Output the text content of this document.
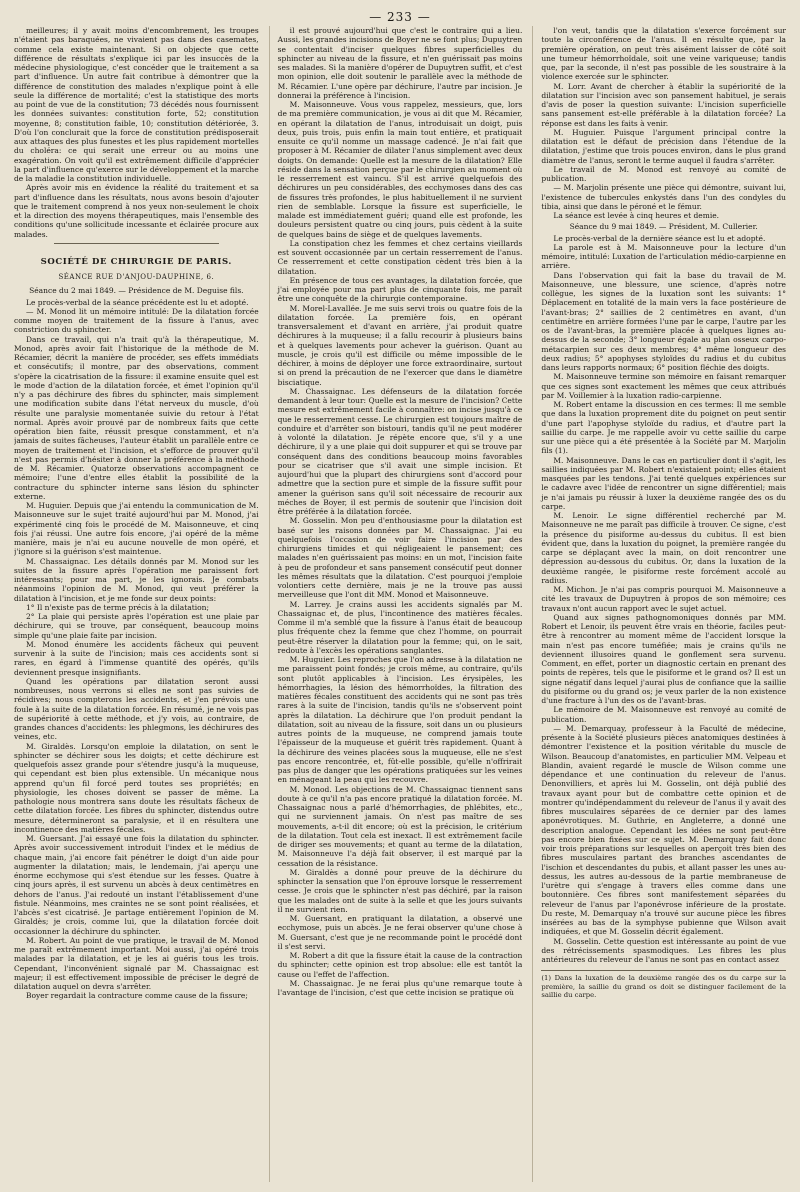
— 233 —

meilleures; il y avait moins d'encombrement, les troupes n'étaient pas baraquées, ne vivaient pas dans des casemates, comme cela existe maintenant. Si on objecte que cette différence de résultats s'explique ici par les insuccès de la médecine physiologique, c'est concéder que le traitement a sa part d'influence. Un autre fait contribue à démontrer que la différence de constitution des malades n'explique point à elle seule la différence de mortalité; c'est la statistique des morts au point de vue de la constitution; 73 décédés nous fournissent les données suivantes: constitution forte, 52; constitution moyenne, 8; constitution faible, 10; constitution détériorée, 3. D'où l'on conclurait que la force de constitution prédisposerait aux attaques des plus funestes et les plus rapidement mortelles du choléra: ce qui serait une erreur ou au moins une exagération. On voit qu'il est extrêmement difficile d'apprécier la part d'influence qu'exerce sur le développement et la marche de la maladie la constitution individuelle.

Après avoir mis en évidence la réalité du traitement et sa part d'influence dans les résultats, nous avons besoin d'ajouter que le traitement comprend à nos yeux non-seulement le choix et la direction des moyens thérapeutiques, mais l'ensemble des conditions qu'une sollicitude incessante et éclairée procure aux malades.

SOCIÉTÉ DE CHIRURGIE DE PARIS.
SÉANCE RUE D'ANJOU-DAUPHINE, 6.

Séance du 2 mai 1849. — Présidence de M. Deguise fils.

Le procès-verbal de la séance précédente est lu et adopté.

— M. Monod lit un mémoire intitulé: De la dilatation forcée comme moyen de traitement de la fissure à l'anus, avec constriction du sphincter.

Dans ce travail, qui n'a trait qu'à la thérapeutique, M. Monod, après avoir fait l'historique de la méthode de M. Récamier, décrit la manière de procéder, ses effets immédiats et consécutifs; il montre, par des observations, comment s'opère la cicatrisation de la fissure: il examine ensuite quel est le mode d'action de la dilatation forcée, et émet l'opinion qu'il n'y a pas déchirure des fibres du sphincter, mais simplement une modification subite dans l'état nerveux du muscle, d'où résulte une paralysie momentanée suivie du retour à l'état normal. Après avoir prouvé par de nombreux faits que cette opération bien faite, réussit presque constamment, et n'a jamais de suites fâcheuses, l'auteur établit un parallèle entre ce moyen de traitement et l'incision, et s'efforce de prouver qu'il n'est pas permis d'hésiter à donner la préférence à la méthode de M. Récamier. Quatorze observations accompagnent ce mémoire; l'une d'entre elles établit la possibilité de la contracture du sphincter interne sans lésion du sphincter externe.

M. Huguier. Depuis que j'ai entendu la communication de M. Maisonneuve sur le sujet traité aujourd'hui par M. Monod, j'ai expérimenté cinq fois le procédé de M. Maisonneuve, et cinq fois j'ai réussi. Une autre fois encore, j'ai opéré de la même manière, mais je n'ai eu aucune nouvelle de mon opéré, et j'ignore si la guérison s'est maintenue.

M. Chassaignac. Les détails donnés par M. Monod sur les suites de la fissure après l'opération me paraissent fort intéressants; pour ma part, je les ignorais. Je combats néanmoins l'opinion de M. Monod, qui veut préférer la dilatation à l'incision, et je me fonde sur deux points:

1° Il n'existe pas de terme précis à la dilatation;

2° La plaie qui persiste après l'opération est une plaie par déchirure, qui se trouve, par conséquent, beaucoup moins simple qu'une plaie faite par incision.

M. Monod énumère les accidents fâcheux qui peuvent survenir à la suite de l'incision; mais ces accidents sont si rares, en égard à l'immense quantité des opérés, qu'ils deviennent presque insignifiants.

Quand les opérations par dilatation seront aussi nombreuses, nous verrons si elles ne sont pas suivies de récidives; nous compterons les accidents, et j'en prévois une foule à la suite de la dilatation forcée. En résumé, je ne vois pas de supériorité à cette méthode, et j'y vois, au contraire, de grandes chances d'accidents: les phlegmons, les déchirures des veines, etc.

M. Giraldès. Lorsqu'on emploie la dilatation, on sent le sphincter se déchirer sous les doigts; et cette déchirure est quelquefois assez grande pour s'étendre jusqu'à la muqueuse, qui cependant est bien plus extensible. Un mécanique nous apprend qu'un fil forcé perd toutes ses propriétés; en physiologie, les choses doivent se passer de même. La pathologie nous montrera sans doute les résultats fâcheux de cette dilatation forcée. Les fibres du sphincter, distendus outre mesure, détermineront sa paralysie, et il en résultera une incontinence des matières fécales.

M. Guersant. J'ai essayé une fois la dilatation du sphincter. Après avoir successivement introduit l'index et le médius de chaque main, j'ai encore fait pénétrer le doigt d'un aide pour augmenter la dilatation; mais, le lendemain, j'ai aperçu une énorme ecchymose qui s'est étendue sur les fesses. Quatre à cinq jours après, il est survenu un abcès à deux centimètres en dehors de l'anus. J'ai redouté un instant l'établissement d'une fistule. Néanmoins, mes craintes ne se sont point réalisées, et l'abcès s'est cicatrisé. Je partage entièrement l'opinion de M. Giraldès; je crois, comme lui, que la dilatation forcée doit occasionner la déchirure du sphincter.

M. Robert. Au point de vue pratique, le travail de M. Monod me paraît extrêmement important. Moi aussi, j'ai opéré trois malades par la dilatation, et je les ai guéris tous les trois. Cependant, l'inconvénient signalé par M. Chassaignac est majeur; il est effectivement impossible de préciser le degré de dilatation auquel on devra s'arrêter.

Boyer regardait la contracture comme cause de la fissure;

il est prouvé aujourd'hui que c'est le contraire qui a lieu. Aussi, les grandes incisions de Boyer ne se font plus; Dupuytren se contentait d'inciser quelques fibres superficielles du sphincter au niveau de la fissure, et n'en guérissait pas moins ses malades. Si la manière d'opérer de Dupuytren suffit, et c'est mon opinion, elle doit soutenir le parallèle avec la méthode de M. Récamier. L'une opère par déchirure, l'autre par incision. Je donnerai la préférence à l'incision.

M. Maisonneuve. Vous vous rappelez, messieurs, que, lors de ma première communication, je vous ai dit que M. Récamier, en opérant la dilatation de l'anus, introduisait un doigt, puis deux, puis trois, puis enfin la main tout entière, et pratiquait ensuite ce qu'il nomme un massage cadencé. Je n'ai fait que proposer à M. Récamier de dilater l'anus simplement avec deux doigts. On demande: Quelle est la mesure de la dilatation? Elle réside dans la sensation perçue par le chirurgien au moment où le resserrement est vaincu. S'il est arrivé quelquefois des déchirures un peu considérables, des ecchymoses dans des cas de fissures très profondes, le plus habituellement il ne survient rien de semblable. Lorsque la fissure est superficielle, le malade est immédiatement guéri; quand elle est profonde, les douleurs persistent quatre ou cinq jours, puis cèdent à la suite de quelques bains de siège et de quelques lavements.

La constipation chez les femmes et chez certains vieillards est souvent occasionnée par un certain resserrement de l'anus. Ce resserrement et cette constipation cèdent très bien à la dilatation.

En présence de tous ces avantages, la dilatation forcée, que j'ai employée pour ma part plus de cinquante fois, me paraît être une conquête de la chirurgie contemporaine.

M. Morel-Lavallée. Je me suis servi trois ou quatre fois de la dilatation forcée. La première fois, en opérant transversalement et d'avant en arrière, j'ai produit quatre déchirures à la muqueuse; il a fallu recourir à plusieurs bains et à quelques lavements pour achever la guérison. Quant au muscle, je crois qu'il est difficile ou même impossible de le déchirer, à moins de déployer une force extraordinaire, surtout si on prend la précaution de ne l'exercer que dans le diamètre bisciatique.

M. Chassaignac. Les défenseurs de la dilatation forcée demandent à leur tour: Quelle est la mesure de l'incision? Cette mesure est extrêmement facile à connaître: on incise jusqu'à ce que le resserrement cesse. Le chirurgien est toujours maître de conduire et d'arrêter son bistouri, tandis qu'il ne peut modérer à volonté la dilatation. Je répète encore que, s'il y a une déchirure, il y a une plaie qui doit suppurer et qui se trouve par conséquent dans des conditions beaucoup moins favorables pour se cicatriser que s'il avait une simple incision. Et aujourd'hui que la plupart des chirurgiens sont d'accord pour admettre que la section pure et simple de la fissure suffit pour amener la guérison sans qu'il soit nécessaire de recourir aux méches de Boyer, il est permis de soutenir que l'incision doit être préférée à la dilatation forcée.

M. Gosselin. Mon peu d'enthousiasme pour la dilatation est basé sur les raisons données par M. Chassaignac. J'ai eu quelquefois l'occasion de voir faire l'incision par des chirurgiens timides et qui négligeaient le pansement; ces malades n'en guérissaient pas moins: en un mot, l'incision faite à peu de profondeur et sans pansement consécutif peut donner les mêmes résultats que la dilatation. C'est pourquoi j'emploie volontiers cette dernière, mais je ne la trouve pas aussi merveilleuse que l'ont dit MM. Monod et Maisonneuve.

M. Larrey. Je crains aussi les accidents signalés par M. Chassaignac et, de plus, l'incontinence des matières fécales. Comme il m'a semblé que la fissure à l'anus était de beaucoup plus fréquente chez la femme que chez l'homme, on pourrait peut-être réserver la dilatation pour la femme; qui, on le sait, redoute à l'excès les opérations sanglantes.

M. Huguier. Les reproches que l'on adresse à la dilatation ne me paraissent point fondés; je crois même, au contraire, qu'ils sont plutôt applicables à l'incision. Les érysipèles, les hémorrhagies, la lésion des hémorrhoïdes, la filtration des matières fécales constituent des accidents qui ne sont pas très rares à la suite de l'incision, tandis qu'ils ne s'observent point après la dilatation. La déchirure que l'on produit pendant la dilatation, soit au niveau de la fissure, soit dans un ou plusieurs autres points de la muqueuse, ne comprend jamais toute l'épaisseur de la muqueuse et guérit très rapidement. Quant à la déchirure des veines placées sous la muqueuse, elle ne s'est pas encore rencontrée, et, fût-elle possible, qu'elle n'offrirait pas plus de danger que les opérations pratiquées sur les veines en ménageant la peau qui les recouvre.

M. Monod. Les objections de M. Chassaignac tiennent sans doute à ce qu'il n'a pas encore pratiqué la dilatation forcée. M. Chassaignac nous a parlé d'hémorrhagies, de phlébites, etc., qui ne surviennent jamais. On n'est pas maître de ses mouvements, a-t-il dit encore; où est la précision, le critérium de la dilatation. Tout cela est inexact. Il est extrêmement facile de diriger ses mouvements; et quant au terme de la dilatation, M. Maisonneuve l'a déjà fait observer, il est marqué par la cessation de la résistance.

M. Giraldès a donné pour preuve de la déchirure du sphincter la sensation que l'on éprouve lorsque le resserrement cesse. Je crois que le sphincter n'est pas déchiré, par la raison que les malades ont de suite à la selle et que les jours suivants il ne survient rien.

M. Guersant, en pratiquant la dilatation, a observé une ecchymose, puis un abcès. Je ne ferai observer qu'une chose à M. Guersant, c'est que je ne recommande point le procédé dont il s'est servi.

M. Robert a dit que la fissure était la cause de la contraction du sphincter; cette opinion est trop absolue: elle est tantôt la cause ou l'effet de l'affection.

M. Chassaignac. Je ne ferai plus qu'une remarque toute à l'avantage de l'incision, c'est que cette incision se pratique où

l'on veut, tandis que la dilatation s'exerce forcément sur toute la circonférence de l'anus. Il en résulte que, par la première opération, on peut très aisément laisser de côté soit une tumeur hémorrhoïdale, soit une veine variqueuse; tandis que, par la seconde, il n'est pas possible de les soustraire à la violence exercée sur le sphincter.

M. Lorr. Avant de chercher à établir la supériorité de la dilatation sur l'incision avec son pansement habituel, je serais d'avis de poser la question suivante: L'incision superficielle sans pansement est-elle préférable à la dilatation forcée? La réponse est dans les faits à venir.

M. Huguier. Puisque l'argument principal contre la dilatation est le défaut de précision dans l'étendue de la dilatation, j'estime que trois pouces environ, dans le plus grand diamètre de l'anus, seront le terme auquel il faudra s'arrêter.

Le travail de M. Monod est renvoyé au comité de publication.

— M. Marjolin présente une pièce qui démontre, suivant lui, l'existence de tubercules enkystés dans l'un des condyles du tibia, ainsi que dans le péroné et le fémur.

La séance est levée à cinq heures et demie.

Séance du 9 mai 1849. — Président, M. Cullerier.

Le procès-verbal de la dernière séance est lu et adopté.

La parole est à M. Maisonneuve pour la lecture d'un mémoire, intitulé: Luxation de l'articulation médio-carpienne en arrière.

Dans l'observation qui fait la base du travail de M. Maisonneuve, une blessure, une science, d'après notre collègue, les signes de la luxation sont les suivants: 1° Déplacement en totalité de la main vers la face postérieure de l'avant-bras; 2° saillies de 2 centimètres en avant, d'un centimètre en arrière formées l'une par le carpe, l'autre par les os de l'avant-bras, la première placée à quelques lignes au-dessus de la seconde; 3° longueur égale au plan osseux carpo-métacarpien sur ces deux membres; 4° même longueur des deux radius; 5° apophyses styloïdes du radius et du cubitus dans leurs rapports normaux; 6° position fléchie des doigts.

M. Maisonneuve termine son mémoire en faisant remarquer que ces signes sont exactement les mêmes que ceux attribués par M. Voillemier à la luxation radio-carpienne.

M. Robert entame la discussion en ces termes: Il me semble que dans la luxation proprement dite du poignet on peut sentir d'une part l'apophyse styloïde du radius, et d'autre part la saillie du carpe. Je me rappelle avoir vu cette saillie du carpe sur une pièce qui a été présentée à la Société par M. Marjolin fils (1).

M. Maisonneuve. Dans le cas en particulier dont il s'agit, les saillies indiquées par M. Robert n'existaient point; elles étaient masquées par les tendons. J'ai tenté quelques expériences sur le cadavre avec l'idée de rencontrer un signe différentiel; mais je n'ai jamais pu réussir à luxer la deuxième rangée des os du carpe.

M. Lenoir. Le signe différentiel recherché par M. Maisonneuve ne me paraît pas difficile à trouver. Ce signe, c'est la présence du pisiforme au-dessus du cubitus. Il est bien évident que, dans la luxation du poignet, la première rangée du carpe se déplaçant avec la main, on doit rencontrer une dépression au-dessous du cubitus. Or, dans la luxation de la deuxième rangée, le pisiforme reste forcément accolé au radius.

M. Michon. Je n'ai pas compris pourquoi M. Maisonneuve a cité les travaux de Dupuytren à propos de son mémoire; ces travaux n'ont aucun rapport avec le sujet actuel.

Quand aux signes pathognomoniques donnés par MM. Robert et Lenoir, ils peuvent être vrais en théorie, faciles peut-être à rencontrer au moment même de l'accident lorsque la main n'est pas encore tuméfiée; mais je crains qu'ils ne deviennent illusoires quand le gonflement sera survenu. Comment, en effet, porter un diagnostic certain en prenant des points de repères, tels que le pisiforme et le grand os? Il est un signe négatif dans lequel j'aurai plus de confiance que la saillie du pisiforme ou du grand os; je veux parler de la non existence d'une fracture à l'un des os de l'avant-bras.

Le mémoire de M. Maisonneuve est renvoyé au comité de publication.

— M. Demarquay, professeur à la Faculté de médecine, présente à la Société plusieurs pièces anatomiques destinées à démontrer l'existence et la position véritable du muscle de Wilson. Beaucoup d'anatomistes, en particulier MM. Velpeau et Blandin, avaient regardé le muscle de Wilson comme une dépendance et une continuation du releveur de l'anus. Denonvilliers, et après lui M. Gosselin, ont déjà publié des travaux ayant pour but de combattre cette opinion et de montrer qu'indépendamment du releveur de l'anus il y avait des fibres musculaires séparées de ce dernier par des lames aponévrotiques. M. Guthrie, en Angleterre, a donné une description analogue. Cependant les idées ne sont peut-être pas encore bien fixées sur ce sujet. M. Demarquay fait donc voir trois préparations sur lesquelles on aperçoit très bien des fibres musculaires partant des branches ascendantes de l'ischion et descendantes du pubis, et allant passer les unes au-dessus, les autres au-dessous de la partie membraneuse de l'urètre qui s'engage à travers elles comme dans une boutonnière. Ces fibres sont manifestement séparées du releveur de l'anus par l'aponévrose inférieure de la prostate. Du reste, M. Demarquay n'a trouvé sur aucune pièce les fibres insérées au bas de la symphyse pubienne que Wilson avait indiquées, et que M. Gosselin décrit également.

M. Gosselin. Cette question est intéressante au point de vue des rétrécissements spasmodiques. Les fibres les plus antérieures du releveur de l'anus ne sont pas en contact assez

(1) Dans la luxation de la deuxième rangée des os du carpe sur la première, la saillie du grand os doit se distinguer facilement de la saillie du carpe.
